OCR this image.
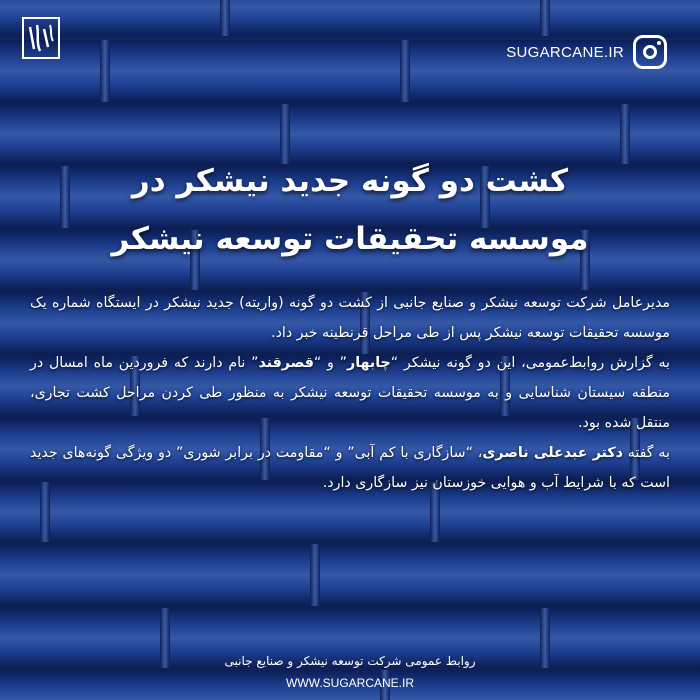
SUGARCANE.IR
کشت دو گونه جدید نیشکر در
موسسه تحقیقات توسعه نیشکر

مدیرعامل شرکت توسعه نیشکر و صنایع جانبی از کشت دو گونه (واریته) جدید نیشکر در ایستگاه شماره یک موسسه تحقیقات توسعه نیشکر پس از طی مراحل قرنطینه خبر داد.

به گزارش روابط‌عمومی، این دو گونه نیشکر “چابهار” و “قصرقند” نام دارند که فروردین ماه امسال در منطقه سیستان شناسایی و به موسسه تحقیقات توسعه نیشکر به منظور طی کردن مراحل کشت تجاری، منتقل شده بود.

به گفته دکتر عبدعلی ناصری، “سازگاری با کم آبی” و “مقاومت در برابر شوری” دو ویژگی گونه‌های جدید است که با شرایط آب و هوایی خوزستان نیز سازگاری دارد.

روابط عمومی شرکت توسعه نیشکر و صنایع جانبی
WWW.SUGARCANE.IR
